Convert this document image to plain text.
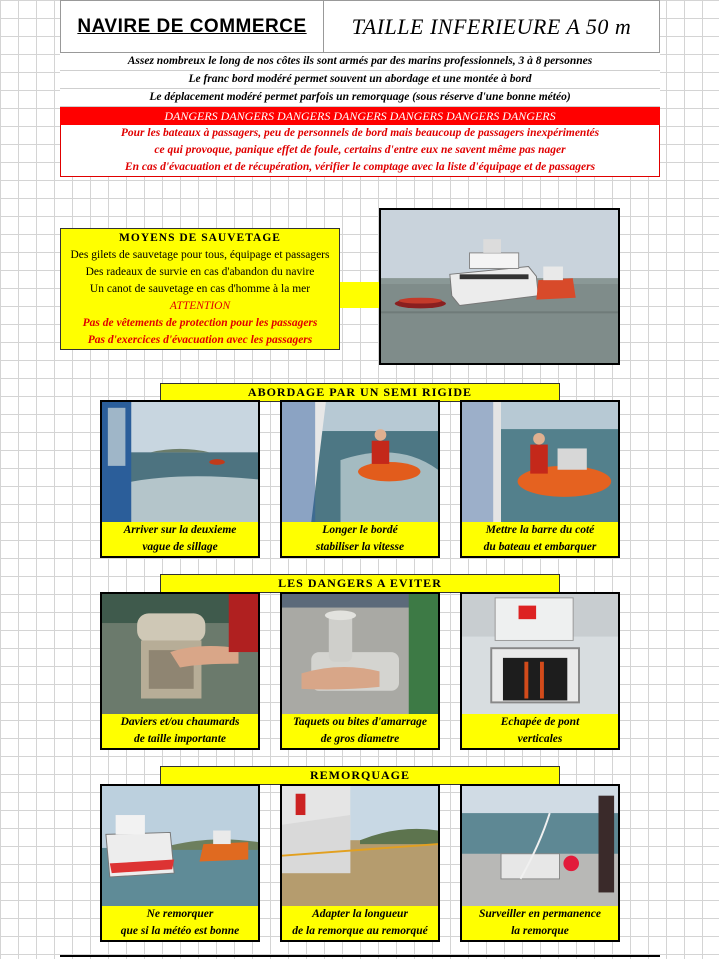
NAVIRE DE COMMERCE TAILLE INFERIEURE A 50 m
Assez nombreux le long de nos côtes ils sont armés par des marins professionnels, 3 à 8 personnes
Le franc bord modéré permet souvent un abordage et une montée à bord
Le déplacement modéré permet parfois un remorquage (sous réserve d'une bonne météo)
DANGERS DANGERS DANGERS DANGERS DANGERS DANGERS DANGERS
Pour les bateaux à passagers, peu de personnels de bord mais beaucoup de passagers inexpérimentés
ce qui provoque, panique effet de foule, certains d'entre eux ne savent même pas nager
En cas d'évacuation et de récupération, vérifier le comptage avec la liste d'équipage et de passagers
MOYENS DE SAUVETAGE
Des gilets de sauvetage pour tous, équipage et passagers
Des radeaux de survie en cas d'abandon du navire
Un canot de sauvetage en cas d'homme à la mer
ATTENTION
Pas de vêtements de protection pour les passagers
Pas d'exercices d'évacuation avec les passagers
ABORDAGE PAR UN SEMI RIGIDE
Arriver sur la deuxieme
vague de sillage
Longer le bordé
stabiliser la vitesse
Mettre la barre du coté
du bateau et embarquer
LES DANGERS A EVITER
Daviers et/ou chaumards
de taille importante
Taquets ou bites d'amarrage
de gros diametre
Echapée de pont
verticales
REMORQUAGE
Ne remorquer
que si la météo est bonne
Adapter la longueur
de la remorque au remorqué
Surveiller en permanence
la remorque
